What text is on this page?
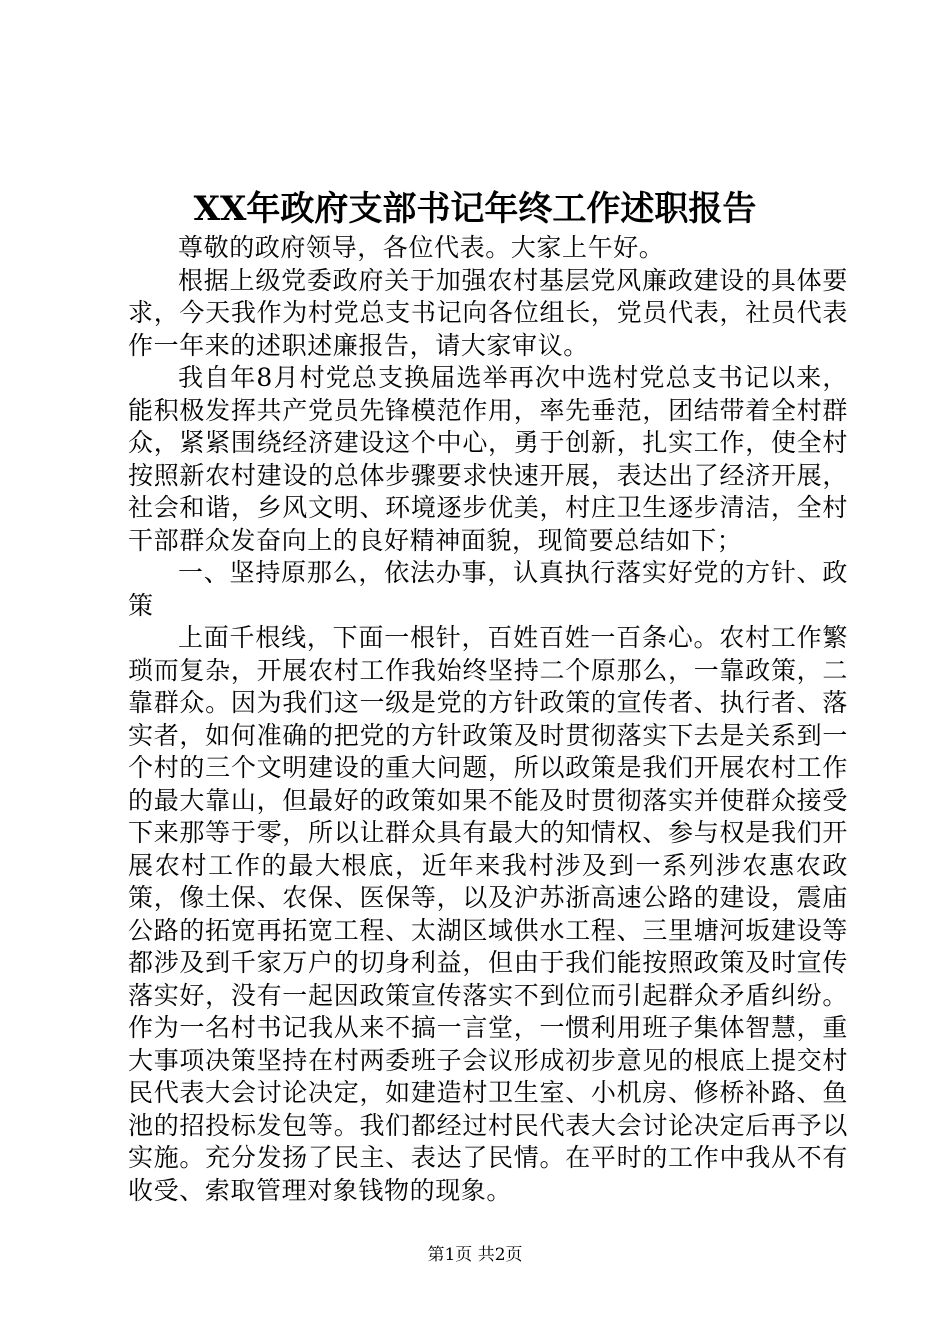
XX年政府支部书记年终工作述职报告

尊敬的政府领导，各位代表。大家上午好。

根据上级党委政府关于加强农村基层党风廉政建设的具体要求，今天我作为村党总支书记向各位组长，党员代表，社员代表作一年来的述职述廉报告，请大家审议。

我自年8月村党总支换届选举再次中选村党总支书记以来，能积极发挥共产党员先锋模范作用，率先垂范，团结带着全村群众，紧紧围绕经济建设这个中心，勇于创新，扎实工作，使全村按照新农村建设的总体步骤要求快速开展，表达出了经济开展，社会和谐，乡风文明、环境逐步优美，村庄卫生逐步清洁，全村干部群众发奋向上的良好精神面貌，现简要总结如下；

一、坚持原那么，依法办事，认真执行落实好党的方针、政策

上面千根线，下面一根针，百姓百姓一百条心。农村工作繁琐而复杂，开展农村工作我始终坚持二个原那么，一靠政策，二靠群众。因为我们这一级是党的方针政策的宣传者、执行者、落实者，如何准确的把党的方针政策及时贯彻落实下去是关系到一个村的三个文明建设的重大问题，所以政策是我们开展农村工作的最大靠山，但最好的政策如果不能及时贯彻落实并使群众接受下来那等于零，所以让群众具有最大的知情权、参与权是我们开展农村工作的最大根底，近年来我村涉及到一系列涉农惠农政策，像土保、农保、医保等，以及沪苏浙高速公路的建设，震庙公路的拓宽再拓宽工程、太湖区域供水工程、三里塘河坂建设等都涉及到千家万户的切身利益，但由于我们能按照政策及时宣传落实好，没有一起因政策宣传落实不到位而引起群众矛盾纠纷。作为一名村书记我从来不搞一言堂，一惯利用班子集体智慧，重大事项决策坚持在村两委班子会议形成初步意见的根底上提交村民代表大会讨论决定，如建造村卫生室、小机房、修桥补路、鱼池的招投标发包等。我们都经过村民代表大会讨论决定后再予以实施。充分发扬了民主、表达了民情。在平时的工作中我从不有收受、索取管理对象钱物的现象。

第1页 共2页
